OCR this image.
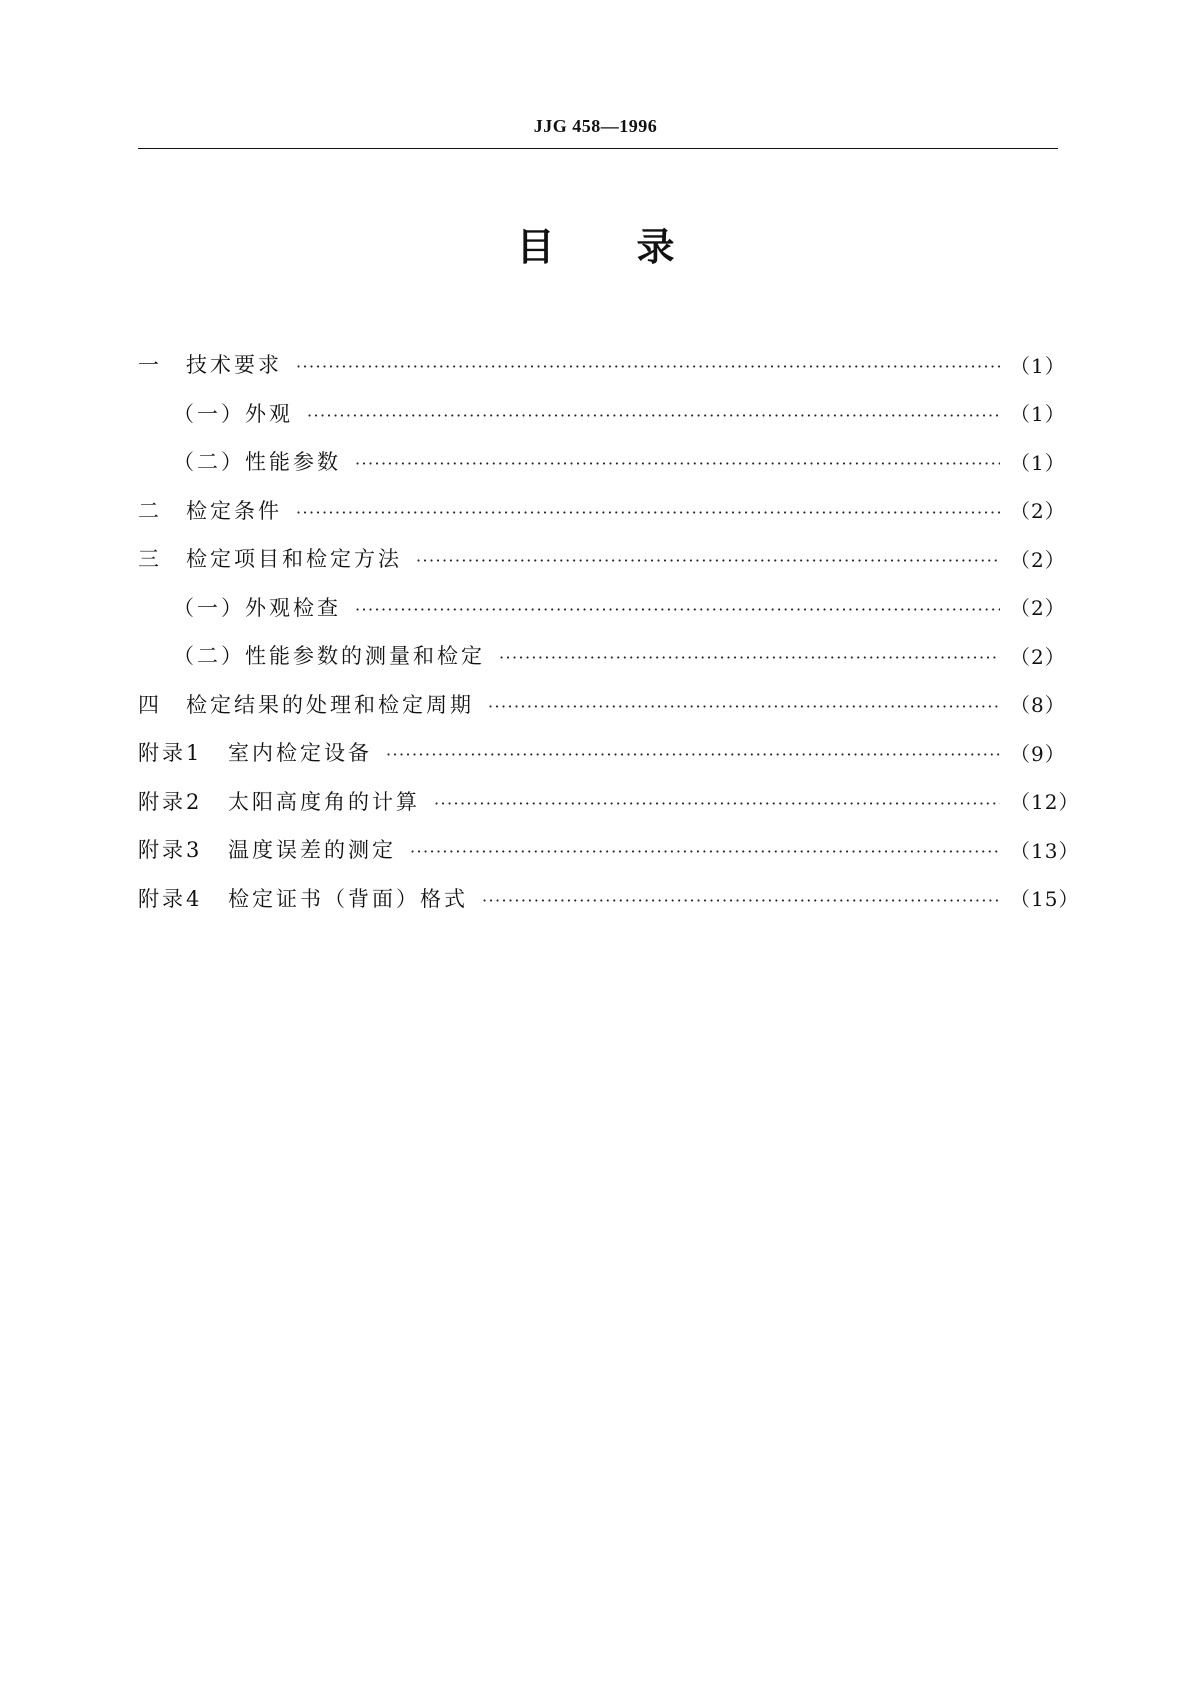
JJG 458—1996
目录
一	技术要求 ·····	（1）
（一）外观 ·····	（1）
（二）性能参数 ·····	（1）
二	检定条件 ·····	（2）
三	检定项目和检定方法 ·····	（2）
（一）外观检查 ·····	（2）
（二）性能参数的测量和检定 ·····	（2）
四	检定结果的处理和检定周期 ·····	（8）
附录1	室内检定设备 ·····	（9）
附录2	太阳高度角的计算 ·····	（12）
附录3	温度误差的测定 ·····	（13）
附录4	检定证书（背面）格式 ·····	（15）
